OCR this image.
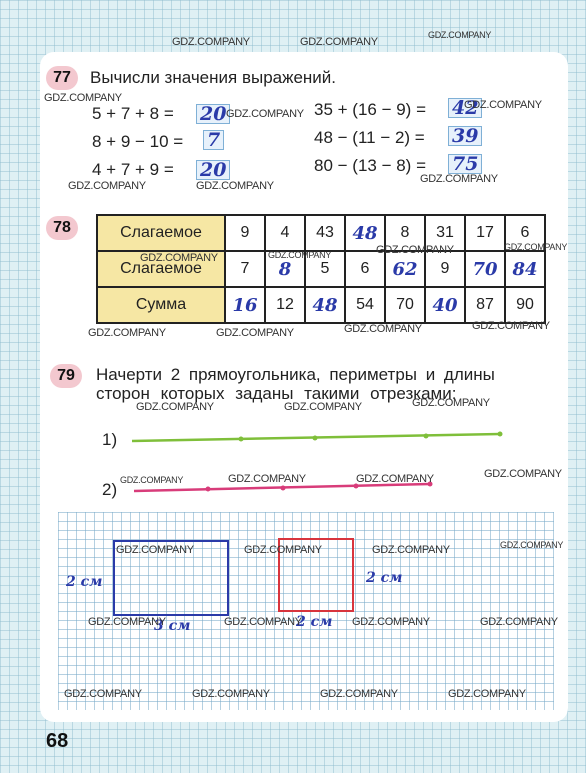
77	Вычисли значения выражений.
5 + 7 + 8 = 20
8 + 9 − 10 = 7
4 + 7 + 9 = 20
35 + (16 − 9) = 42
48 − (11 − 2) = 39
80 − (13 − 8) = 75
78	Слагаемое	9	4	43	48	8	31	17	6
Слагаемое	7	8	5	6	62	9	70	84
Сумма	16	12	48	54	70	40	87	90
79	Начерти 2 прямоугольника, периметры и длины
сторон которых заданы такими отрезками:
1)
2)
2 см
3 см
2 см
2 см
GDZ.COMPANY	GDZ.COMPANY
GDZ.COMPANY
GDZ.COMPANY
GDZ.COMPANY
GDZ.COMPANY
GDZ.COMPANY	GDZ.COMPANY
GDZ.COMPANY
GDZ.COMPANY	GDZ.COMPANY	GDZ.COMPANY	GDZ.COMPANY
GDZ.COMPANY	GDZ.COMPANY	GDZ.COMPANY	GDZ.COMPANY
GDZ.COMPANY	GDZ.COMPANY	GDZ.COMPANY
GDZ.COMPANY
GDZ.COMPANY	GDZ.COMPANY	GDZ.COMPANY
GDZ.COMPANY	GDZ.COMPANY	GDZ.COMPANY	GDZ.COMPANY
GDZ.COMPANY	GDZ.COMPANY	GDZ.COMPANY	GDZ.COMPANY
GDZ.COMPANY	GDZ.COMPANY	GDZ.COMPANY	GDZ.COMPANY
68
